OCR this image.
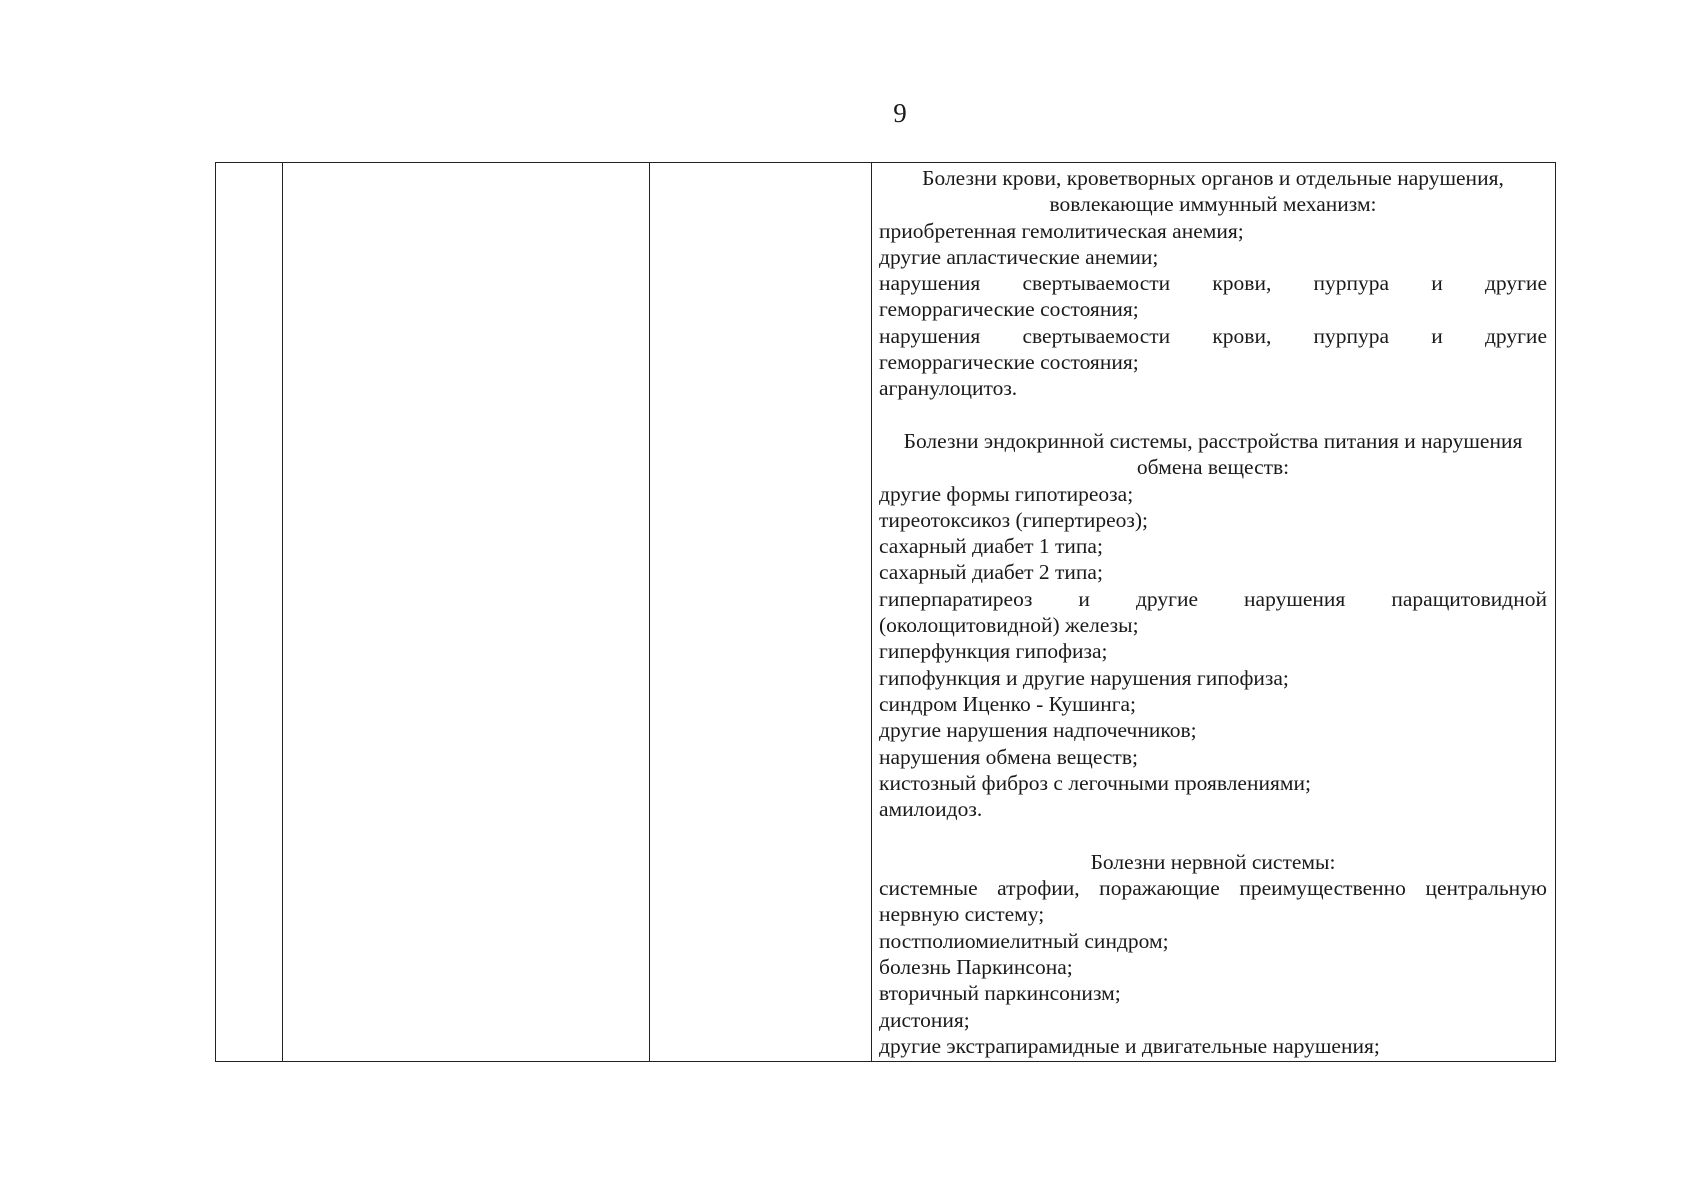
9
Болезни крови, кроветворных органов и отдельные нарушения,
вовлекающие иммунный механизм:
приобретенная гемолитическая анемия;
другие апластические анемии;
нарушения свертываемости крови, пурпура и другие
геморрагические состояния;
нарушения свертываемости крови, пурпура и другие
геморрагические состояния;
агранулоцитоз.
Болезни эндокринной системы, расстройства питания и нарушения
обмена веществ:
другие формы гипотиреоза;
тиреотоксикоз (гипертиреоз);
сахарный диабет 1 типа;
сахарный диабет 2 типа;
гиперпаратиреоз и другие нарушения паращитовидной
(околощитовидной) железы;
гиперфункция гипофиза;
гипофункция и другие нарушения гипофиза;
синдром Иценко - Кушинга;
другие нарушения надпочечников;
нарушения обмена веществ;
кистозный фиброз с легочными проявлениями;
амилоидоз.
Болезни нервной системы:
системные атрофии, поражающие преимущественно центральную
нервную систему;
постполиомиелитный синдром;
болезнь Паркинсона;
вторичный паркинсонизм;
дистония;
другие экстрапирамидные и двигательные нарушения;
